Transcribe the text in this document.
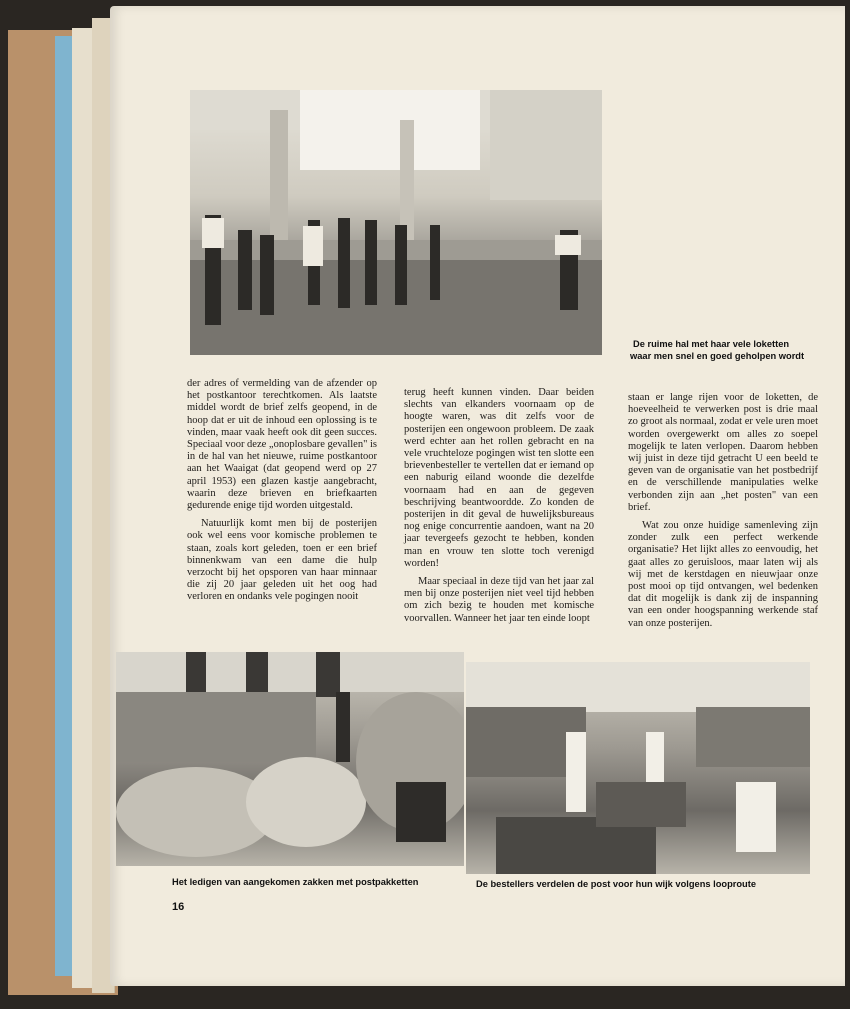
De ruime hal met haar vele loketten
waar men snel en goed geholpen wordt

der adres of vermelding van de afzender op het postkantoor terechtkomen. Als laatste middel wordt de brief zelfs geopend, in de hoop dat er uit de inhoud een oplossing is te vinden, maar vaak heeft ook dit geen succes. Speciaal voor deze „onoplosbare gevallen" is in de hal van het nieuwe, ruime postkantoor aan het Waaigat (dat geopend werd op 27 april 1953) een glazen kastje aangebracht, waarin deze brieven en briefkaarten gedurende enige tijd worden uitgestald.

Natuurlijk komt men bij de posterijen ook wel eens voor komische problemen te staan, zoals kort geleden, toen er een brief binnenkwam van een dame die hulp verzocht bij het opsporen van haar minnaar die zij 20 jaar geleden uit het oog had verloren en ondanks vele pogingen nooit

terug heeft kunnen vinden. Daar beiden slechts van elkanders voornaam op de hoogte waren, was dit zelfs voor de posterijen een ongewoon probleem. De zaak werd echter aan het rollen gebracht en na vele vruchteloze pogingen wist ten slotte een brievenbesteller te vertellen dat er iemand op een naburig eiland woonde die dezelfde voornaam had en aan de gegeven beschrijving beantwoordde. Zo konden de posterijen in dit geval de huwelijksbureaus nog enige concurrentie aandoen, want na 20 jaar tevergeefs gezocht te hebben, konden man en vrouw ten slotte toch verenigd worden!

Maar speciaal in deze tijd van het jaar zal men bij onze posterijen niet veel tijd hebben om zich bezig te houden met komische voorvallen. Wanneer het jaar ten einde loopt

staan er lange rijen voor de loketten, de hoeveelheid te verwerken post is drie maal zo groot als normaal, zodat er vele uren moet worden overgewerkt om alles zo soepel mogelijk te laten verlopen. Daarom hebben wij juist in deze tijd getracht U een beeld te geven van de organisatie van het postbedrijf en de verschillende manipulaties welke verbonden zijn aan „het posten" van een brief.

Wat zou onze huidige samenleving zijn zonder zulk een perfect werkende organisatie? Het lijkt alles zo eenvoudig, het gaat alles zo geruisloos, maar laten wij als wij met de kerstdagen en nieuwjaar onze post mooi op tijd ontvangen, wel bedenken dat dit mogelijk is dank zij de inspanning van een onder hoogspanning werkende staf van onze posterijen.

Het ledigen van aangekomen zakken met postpakketten	De bestellers verdelen de post voor hun wijk volgens looproute
16
